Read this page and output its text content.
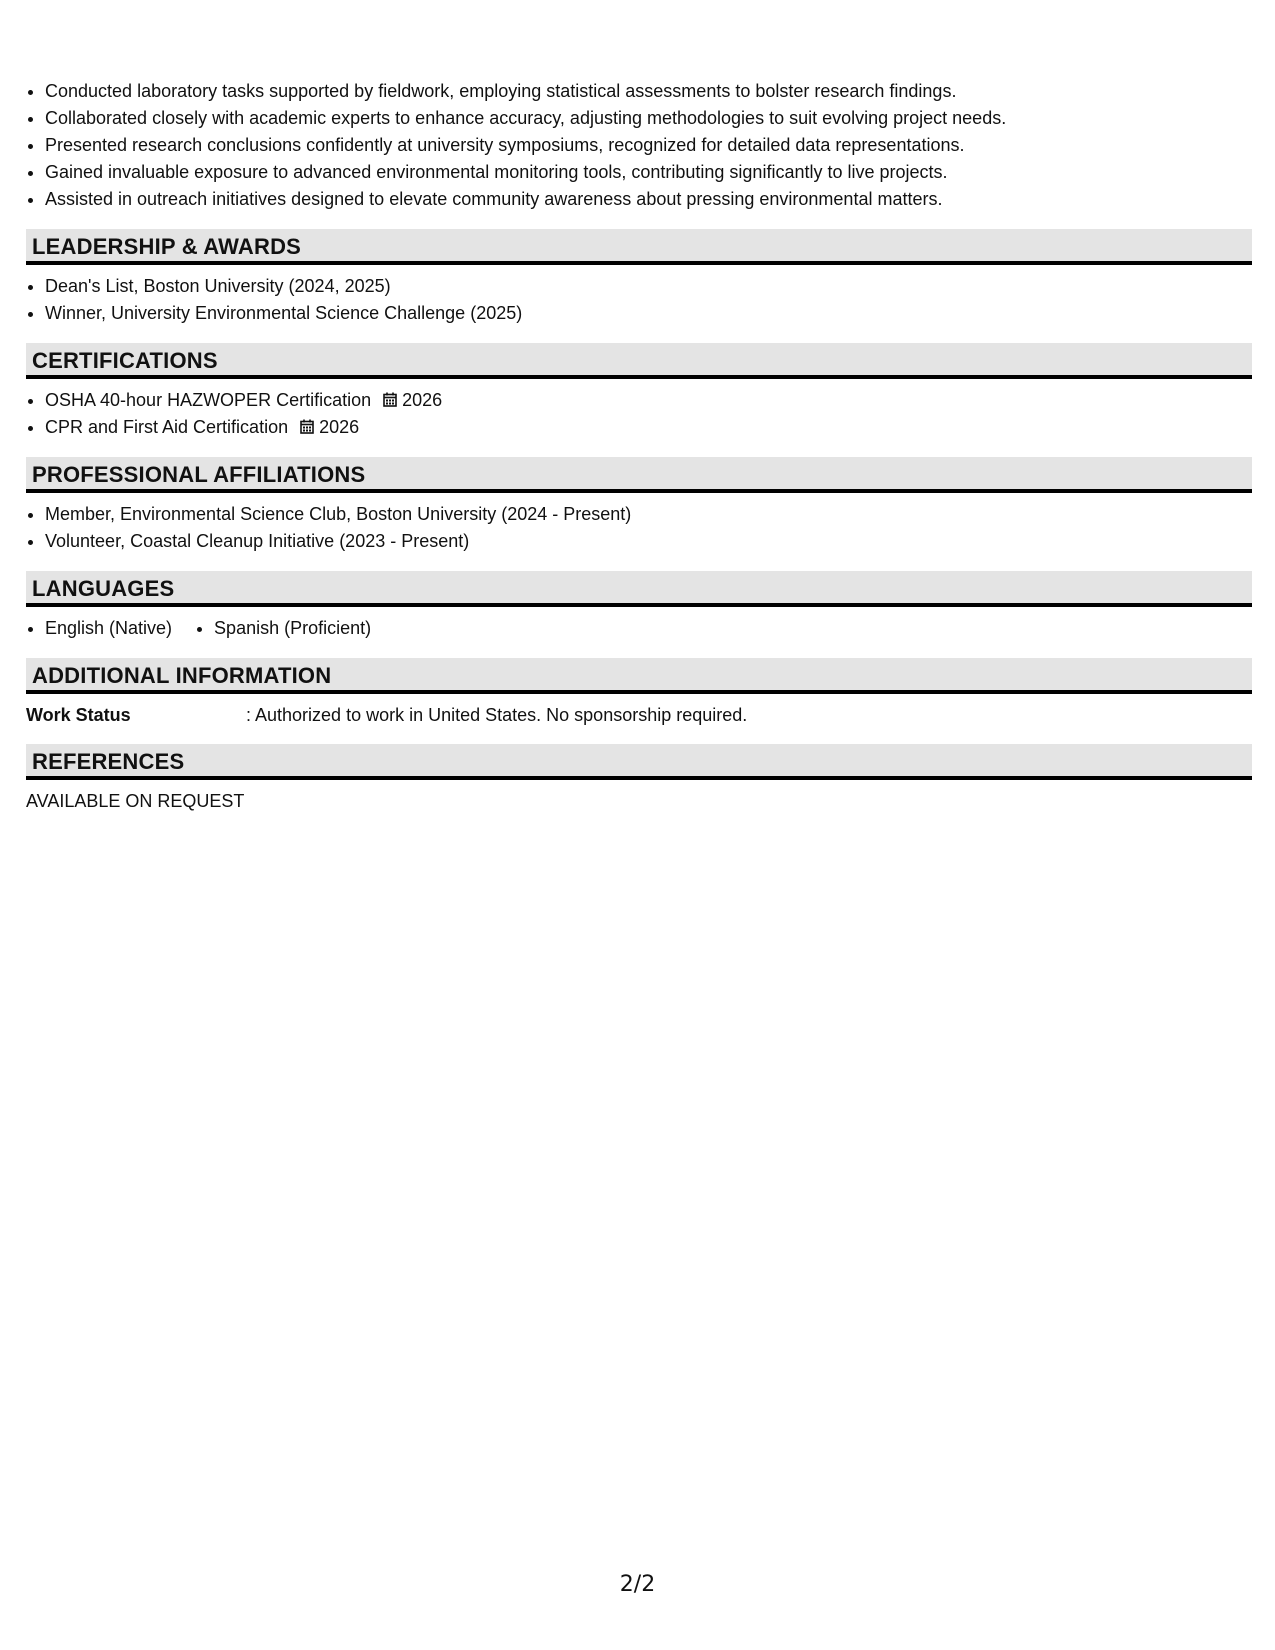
• Conducted laboratory tasks supported by fieldwork, employing statistical assessments to bolster research findings.
• Collaborated closely with academic experts to enhance accuracy, adjusting methodologies to suit evolving project needs.
• Presented research conclusions confidently at university symposiums, recognized for detailed data representations.
• Gained invaluable exposure to advanced environmental monitoring tools, contributing significantly to live projects.
• Assisted in outreach initiatives designed to elevate community awareness about pressing environmental matters.
LEADERSHIP & AWARDS
• Dean's List, Boston University (2024, 2025)
• Winner, University Environmental Science Challenge (2025)
CERTIFICATIONS
• OSHA 40-hour HAZWOPER Certification 2026
• CPR and First Aid Certification 2026
PROFESSIONAL AFFILIATIONS
• Member, Environmental Science Club, Boston University (2024 - Present)
• Volunteer, Coastal Cleanup Initiative (2023 - Present)
LANGUAGES
• English (Native)
• Spanish (Proficient)
ADDITIONAL INFORMATION
Work Status	: Authorized to work in United States. No sponsorship required.
REFERENCES
AVAILABLE ON REQUEST
2/2
